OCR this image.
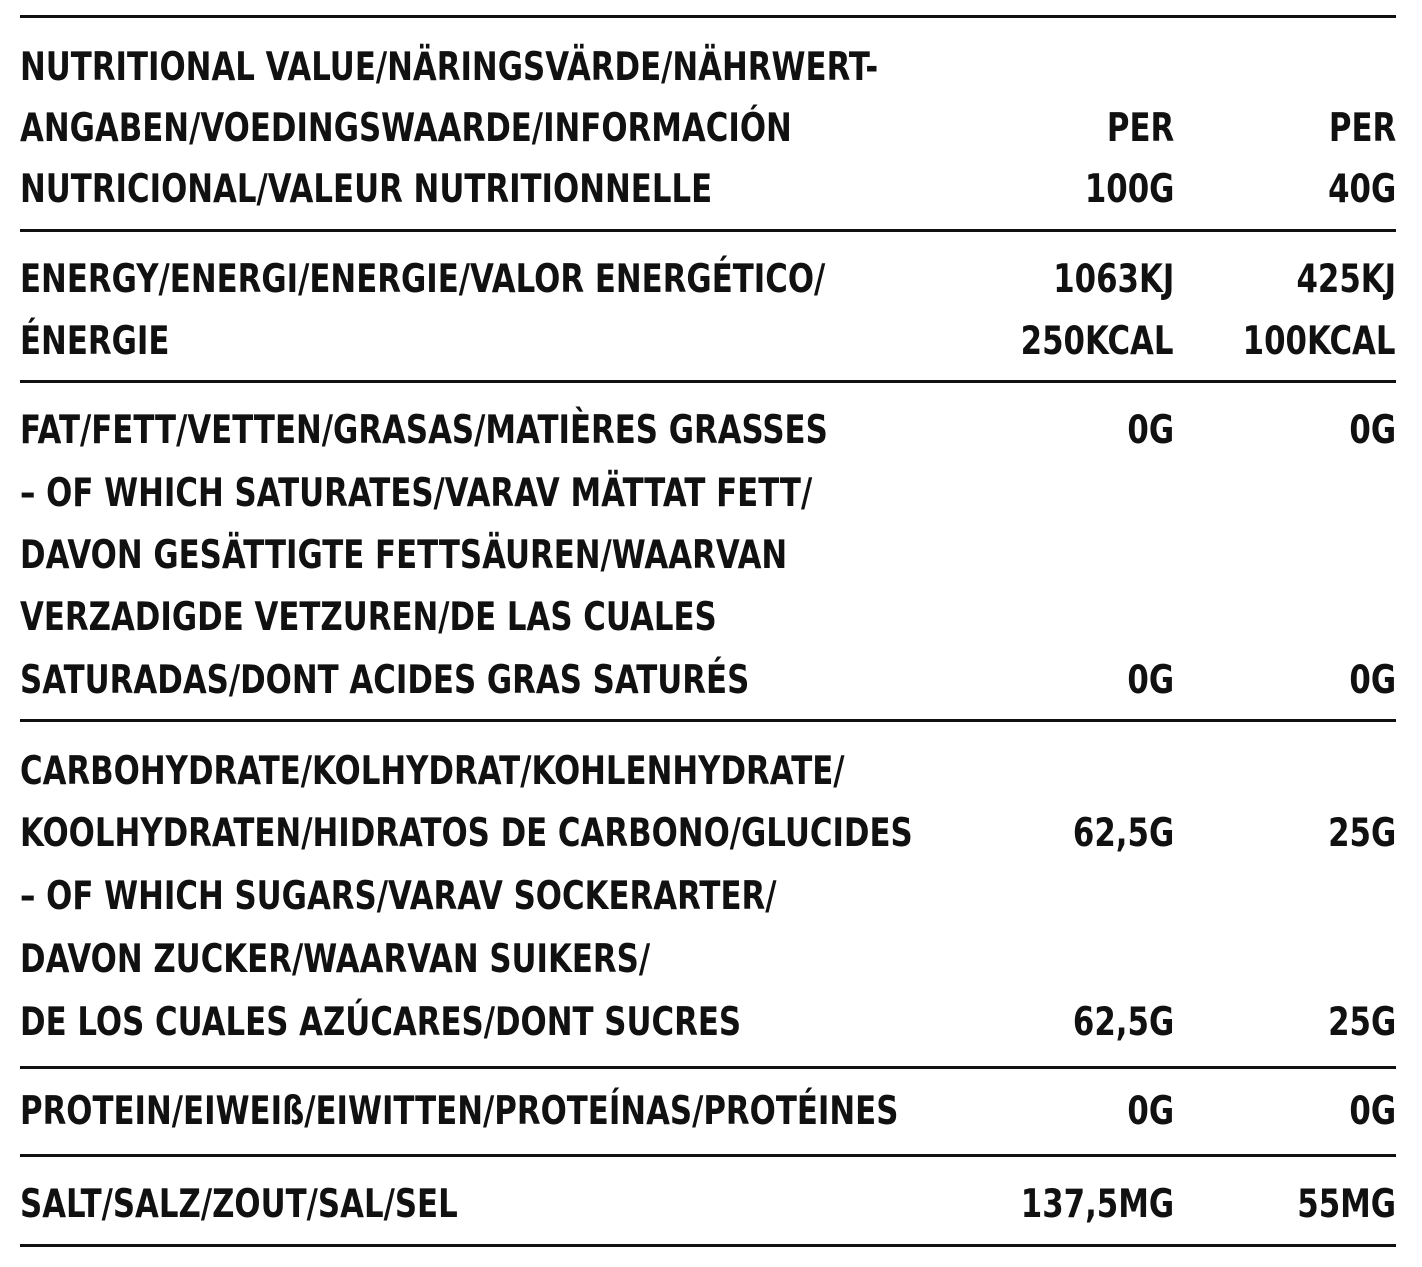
NUTRITIONAL VALUE/NÄRINGSVÄRDE/NÄHRWERT-
ANGABEN/VOEDINGSWAARDE/INFORMACIÓN	PER	PER
NUTRICIONAL/VALEUR NUTRITIONNELLE	100G	40G
ENERGY/ENERGI/ENERGIE/VALOR ENERGÉTICO/	1063KJ	425KJ
ÉNERGIE	250KCAL 100KCAL
FAT/FETT/VETTEN/GRASAS/MATIÈRES GRASSES	0G	0G
– OF WHICH SATURATES/VARAV MÄTTAT FETT/
DAVON GESÄTTIGTE FETTSÄUREN/WAARVAN
VERZADIGDE VETZUREN/DE LAS CUALES
SATURADAS/DONT ACIDES GRAS SATURÉS	0G	0G
CARBOHYDRATE/KOLHYDRAT/KOHLENHYDRATE/
KOOLHYDRATEN/HIDRATOS DE CARBONO/GLUCIDES	62,5G	25G
– OF WHICH SUGARS/VARAV SOCKERARTER/
DAVON ZUCKER/WAARVAN SUIKERS/
DE LOS CUALES AZÚCARES/DONT SUCRES	62,5G	25G
PROTEIN/EIWEIß/EIWITTEN/PROTEÍNAS/PROTÉINES	0G	0G
SALT/SALZ/ZOUT/SAL/SEL	137,5MG	55MG
